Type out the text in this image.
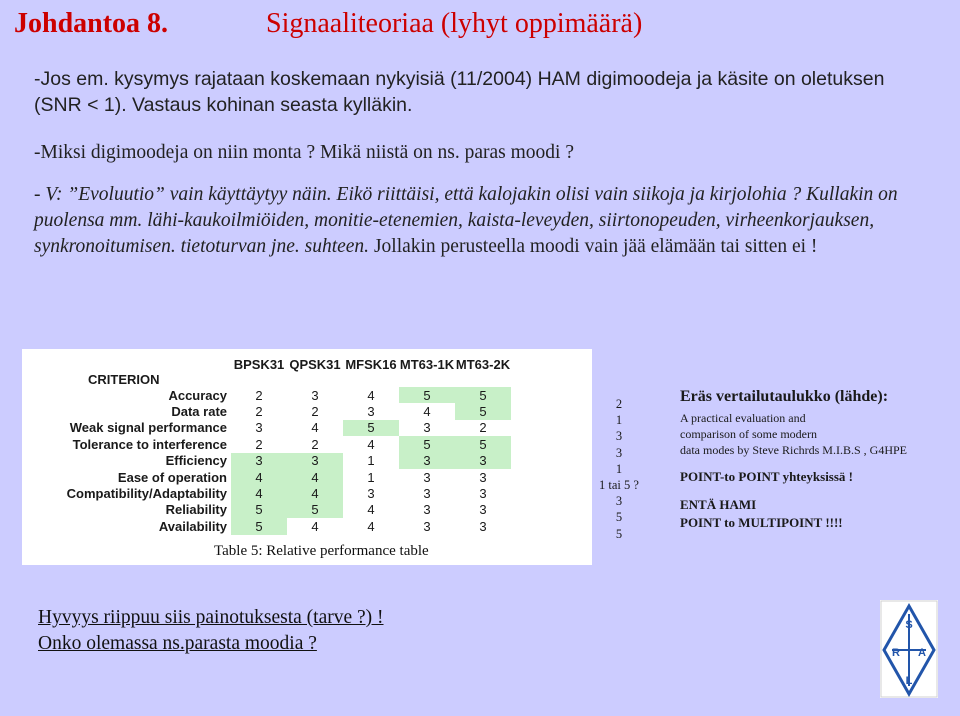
Johdantoa 8.	Signaaliteoriaa (lyhyt oppimäärä)

-Jos em. kysymys rajataan koskemaan nykyisiä (11/2004) HAM digimoodeja ja käsite on oletuksen (SNR < 1). Vastaus kohinan seasta kylläkin.

-Miksi digimoodeja on niin monta ? Mikä niistä on ns. paras moodi ?

- V: ”Evoluutio” vain käyttäytyy näin. Eikö riittäisi, että kalojakin olisi vain siikoja ja kirjolohia ? Kullakin on puolensa mm. lähi-kaukoilmiöiden, monitie-etenemien, kaista-leveyden, siirtonopeuden, virheenkorjauksen, synkronoitumisen. tietoturvan jne. suhteen. Jollakin perusteella moodi vain jää elämään tai sitten ei !

CRITERION	BPSK31	QPSK31	MFSK16	MT63-1K	MT63-2K
Accuracy	2	3	4	5	5
Data rate	2	2	3	4	5
Weak signal performance	3	4	5	3	2
Tolerance to interference	2	2	4	5	5
Efficiency	3	3	1	3	3
Ease of operation	4	4	1	3	3
Compatibility/Adaptability	4	4	3	3	3
Reliability	5	5	4	3	3
Availability	5	4	4	3	3
Table 5: Relative performance table
2
1
3
3
1
1 tai 5 ?
3
5
5
Eräs vertailutaulukko (lähde):
A practical evaluation and
comparison of some modern
data modes by Steve Richrds M.I.B.S , G4HPE
POINT-to POINT yhteyksissä !
ENTÄ HAMI
POINT to MULTIPOINT !!!!
Hyvyys riippuu siis painotuksesta (tarve ?) !
Onko olemassa ns.parasta moodia ?
S
R A
L
